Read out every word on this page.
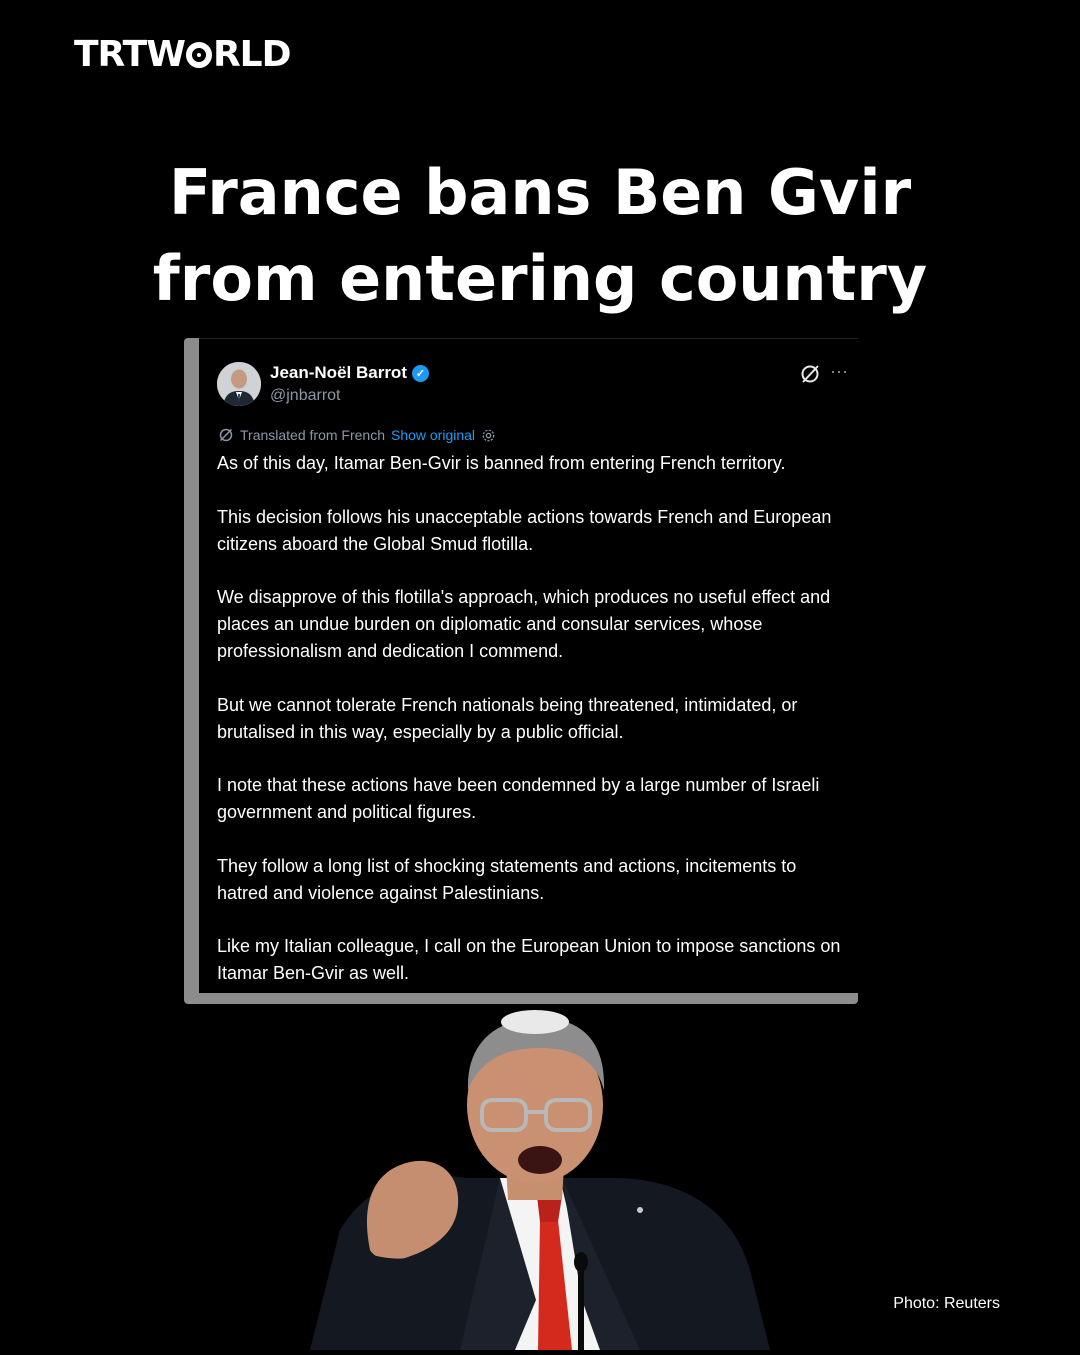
TRTW RLD
France bans Ben Gvir
from entering country
Jean-Noël Barrot ✓
@jnbarrot
···
Translated from French Show original

As of this day, Itamar Ben-Gvir is banned from entering French territory.

This decision follows his unacceptable actions towards French and European citizens aboard the Global Smud flotilla.

We disapprove of this flotilla's approach, which produces no useful effect and places an undue burden on diplomatic and consular services, whose professionalism and dedication I commend.

But we cannot tolerate French nationals being threatened, intimidated, or brutalised in this way, especially by a public official.

I note that these actions have been condemned by a large number of Israeli government and political figures.

They follow a long list of shocking statements and actions, incitements to hatred and violence against Palestinians.

Like my Italian colleague, I call on the European Union to impose sanctions on Itamar Ben-Gvir as well.

Photo: Reuters
